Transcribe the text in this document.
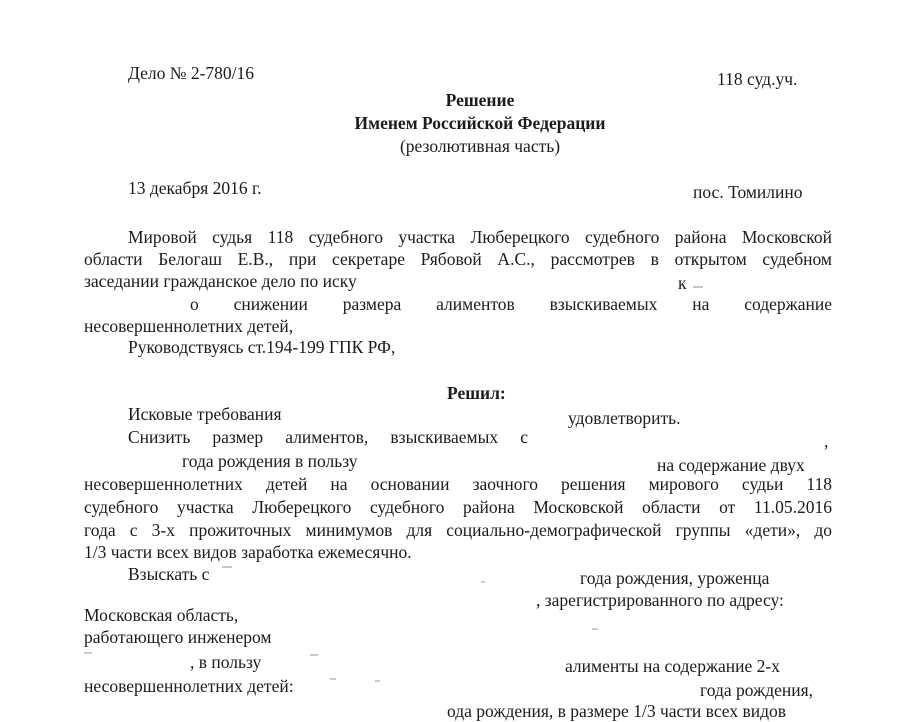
Дело № 2-780/16	118 суд.уч.
Решение
Именем Российской Федерации
(резолютивная часть)
13 декабря 2016 г.	пос. Томилино
Мировой судья 118 судебного участка Люберецкого судебного района Московской
области Белогаш Е.В., при секретаре Рябовой А.С., рассмотрев в открытом судебном
заседании гражданское дело по иску	к
о снижении размера алиментов взыскиваемых на содержание
несовершеннолетних детей,
Руководствуясь ст.194-199 ГПК РФ,
Решил:
Исковые требования	удовлетворить.
Снизить размер алиментов, взыскиваемых с	,
года рождения в пользу	на содержание двух
несовершеннолетних детей на основании заочного решения мирового судьи 118
судебного участка Люберецкого судебного района Московской области от 11.05.2016
года с 3-х прожиточных минимумов для социально-демографической группы «дети», до
1/3 части всех видов заработка ежемесячно.
Взыскать с	года рождения, уроженца
Московская область,
, зарегистрированного по адресу:
работающего инженером
, в пользу	алименты на содержание 2-х
несовершеннолетних детей:	года рождения,
ода рождения, в размере 1/3 части всех видов
